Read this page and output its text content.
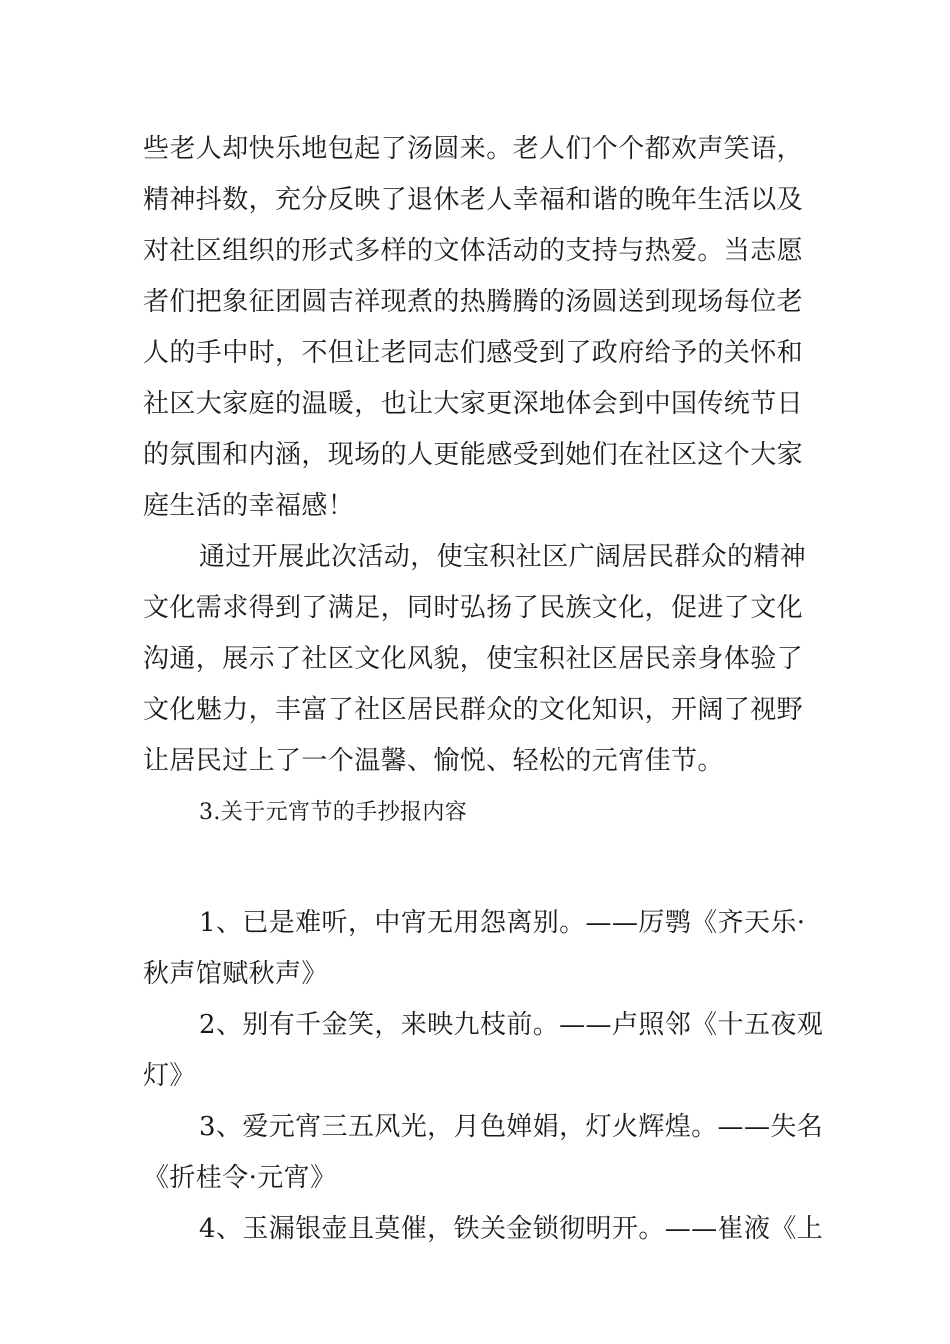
些老人却快乐地包起了汤圆来。老人们个个都欢声笑语，
精神抖数，充分反映了退休老人幸福和谐的晚年生活以及
对社区组织的形式多样的文体活动的支持与热爱。当志愿
者们把象征团圆吉祥现煮的热腾腾的汤圆送到现场每位老
人的手中时，不但让老同志们感受到了政府给予的关怀和
社区大家庭的温暖，也让大家更深地体会到中国传统节日
的氛围和内涵，现场的人更能感受到她们在社区这个大家
庭生活的幸福感！
通过开展此次活动，使宝积社区广阔居民群众的精神
文化需求得到了满足，同时弘扬了民族文化，促进了文化
沟通，展示了社区文化风貌，使宝积社区居民亲身体验了
文化魅力，丰富了社区居民群众的文化知识，开阔了视野
让居民过上了一个温馨、愉悦、轻松的元宵佳节。
3.关于元宵节的手抄报内容
1、已是难听，中宵无用怨离别。——厉鹗《齐天乐·
秋声馆赋秋声》
2、别有千金笑，来映九枝前。——卢照邻《十五夜观
灯》
3、爱元宵三五风光，月色婵娟，灯火辉煌。——失名
《折桂令·元宵》
4、玉漏银壶且莫催，铁关金锁彻明开。——崔液《上
